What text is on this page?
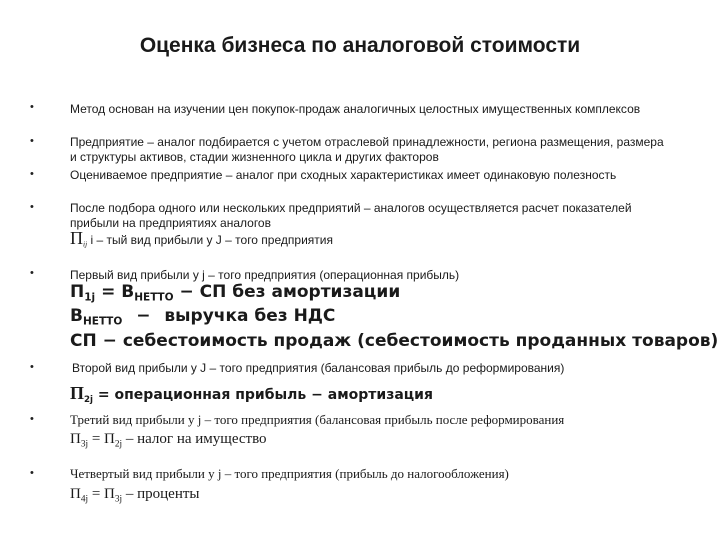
Оценка бизнеса по аналоговой стоимости
•	Метод основан на изучении цен покупок-продаж аналогичных целостных имущественных комплексов
•	Предприятие – аналог подбирается с учетом отраслевой принадлежности, региона размещения, размера и структуры активов, стадии жизненного цикла и других факторов
•	Оцениваемое предприятие – аналог при сходных характеристиках имеет одинаковую полезность
•	После подбора одного или нескольких предприятий – аналогов осуществляется расчет показателей прибыли на предприятиях аналогов
$П_{ij}$ i – тый вид прибыли у J – того предприятия
•	Первый вид прибыли у j – того предприятия (операционная прибыль)
$П_{1j} = В_{НЕТТО}$ − СП без амортизации
$В_{НЕТТО}$ − выручка без НДС
СП − себестоимость продаж (себестоимость проданных товаров)
•	Второй вид прибыли у J – того предприятия (балансовая прибыль до реформирования)
$П_{2j}$ = операционная прибыль − амортизация
•	Третий вид прибыли у j – того предприятия (балансовая прибыль после реформирования
$П_{3j} = П_{2j}$ – налог на имущество
•	Четвертый вид прибыли у j – того предприятия (прибыль до налогообложения)
$П_{4j} = П_{3j}$ – проценты
